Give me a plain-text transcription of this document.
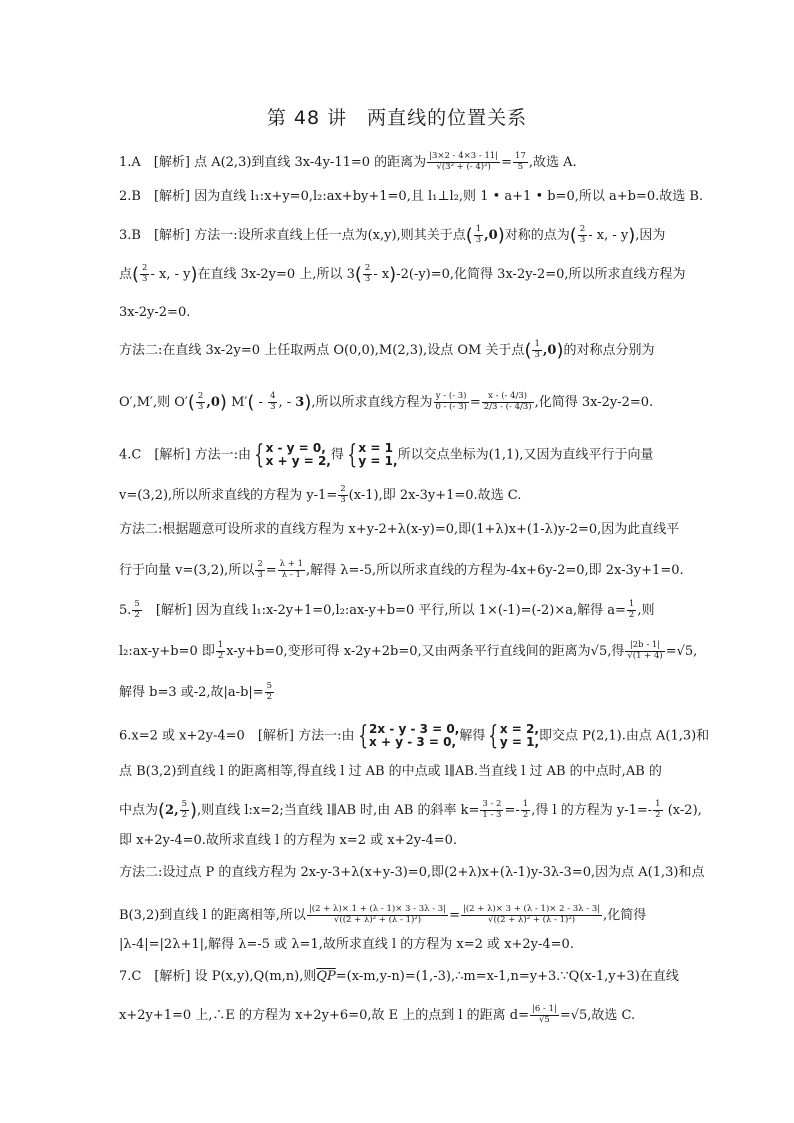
第 48 讲　两直线的位置关系
1.A　[解析] 点 A(2,3)到直线 3x-4y-11=0 的距离为 $\frac{|3\times 2 - 4\times 3 - 11|}{\text{√(3² + (- 4)²)}} = \frac{17}{5}$ ,故选 A.
2.B　[解析] 因为直线 l₁:x+y=0,l₂:ax+by+1=0,且 l₁⊥l₂,则 1 • a+1 • b=0,所以 a+b=0.故选 B.
3.B　[解析] 方法一:设所求直线上任一点为(x,y),则其关于点( $\frac{1}{3} ,0$)对称的点为( $\frac{2}{3}$ - x, - y),因为
点( $\frac{2}{3}$ - x, - y)在直线 3x-2y=0 上,所以 $3( \frac{2}{3} - x)-2(-y)=0$,化简得 3x-2y-2=0,所以所求直线方程为
3x-2y-2=0.
方法二:在直线 3x-2y=0 上任取两点 O(0,0),M(2,3),设点 OM 关于点( $\frac{1}{3} ,0$)的对称点分别为
O′,M′,则 $O'( \frac{2}{3} ,0)$ $M'( - \frac{4}{3}$ , - 3),所以所求直线方程为 $\frac{y - (- 3)}{0 - (- 3)} = \frac{x - (- 4/3)}{2/3 - (- 4/3)}$ ,化简得 3x-2y-2=0.
4.C　[解析] 方法一:由 {x - y = 0,
x + y = 2,得 {x = 1
y = 1,所以交点坐标为(1,1),又因为直线平行于向量
v=(3,2),所以所求直线的方程为 $y-1= \frac{2}{3} (x-1)$,即 2x-3y+1=0.故选 C.
方法二:根据题意可设所求的直线方程为 x+y-2+λ(x-y)=0,即(1+λ)x+(1-λ)y-2=0,因为此直线平
行于向量 v=(3,2),所以 $\frac{2}{3} = \frac{\lambda + 1}{\lambda - 1}$ ,解得 λ=-5,所以所求直线的方程为-4x+6y-2=0,即 2x-3y+1=0.
5. $\frac{5}{2}$ 　[解析] 因为直线 l₁:x-2y+1=0,l₂:ax-y+b=0 平行,所以 1×(-1)=(-2)×a,解得 $a= \frac{1}{2}$ ,则
l₂:ax-y+b=0 即 $\frac{1}{2} x-y+b=0$,变形可得 x-2y+2b=0,又由两条平行直线间的距离为√5,得 $\frac{|2b - 1|}{√(1 + 4)} =√5$,
解得 b=3 或-2,故$|a-b|= \frac{5}{2}$
6.x=2 或 x+2y-4=0　[解析] 方法一:由 {2x - y - 3 = 0,
x + y - 3 = 0, 解得 {x = 2,
y = 1,即交点 P(2,1).由点 A(1,3)和
点 B(3,2)到直线 l 的距离相等,得直线 l 过 AB 的中点或 l∥AB.当直线 l 过 AB 的中点时,AB 的
中点为(2, $\frac{5}{2}$ ),则直线 l:x=2;当直线 l∥AB 时,由 AB 的斜率 $k= \frac{3 - 2}{1 - 3} =- \frac{1}{2}$ ,得 l 的方程为 $y-1=- \frac{1}{2} (x-2)$,
即 x+2y-4=0.故所求直线 l 的方程为 x=2 或 x+2y-4=0.
方法二:设过点 P 的直线方程为 2x-y-3+λ(x+y-3)=0,即(2+λ)x+(λ-1)y-3λ-3=0,因为点 A(1,3)和点
B(3,2)到直线 l 的距离相等,所以 $\frac{|(2 + \lambda)\times 1 + (\lambda - 1)\times 3 - 3\lambda - 3|}{\text{√((2 + λ)² + (λ - 1)²)}} = \frac{|(2 + \lambda)\times 3 + (\lambda - 1)\times 2 - 3\lambda - 3|}{\text{√((2 + λ)² + (λ - 1)²)}}$ ,化简得
|λ-4|=|2λ+1|,解得 λ=-5 或 λ=1,故所求直线 l 的方程为 x=2 或 x+2y-4=0.
7.C　[解析] 设 P(x,y),Q(m,n),则$\overline{QP}=(x-m,y-n)=(1,-3),\therefore m=x-1,n=y+3.\because Q(x-1,y+3)$在直线
x+2y+1=0 上,∴E 的方程为 x+2y+6=0,故 E 上的点到 l 的距离 $d= \frac{|6 - 1|}{√5} =√5$,故选 C.
